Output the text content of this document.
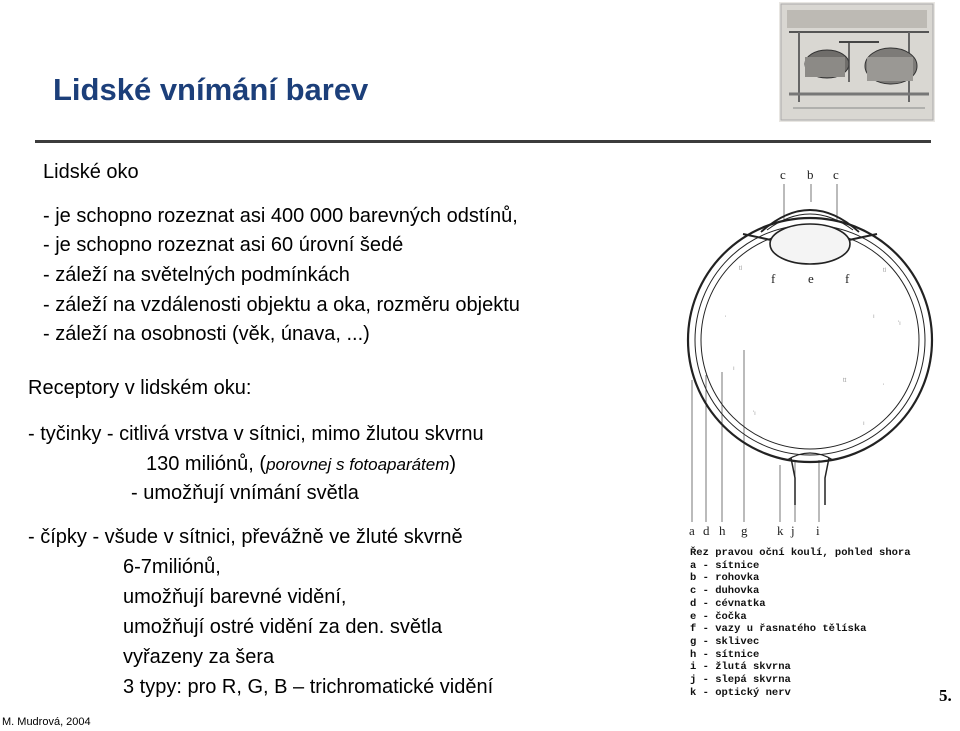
Lidské vnímání barev
Lidské oko
- je schopno rozeznat asi 400 000 barevných odstínů,
- je schopno rozeznat asi 60 úrovní šedé
- záleží na světelných podmínkách
- záleží na vzdálenosti objektu a oka, rozměru objektu
- záleží na osobnosti (věk, únava, ...)
Receptory v lidském oku:
- tyčinky - citlivá vrstva v sítnici, mimo žlutou skvrnu
130 miliónů, (porovnej s fotoaparátem)
- umožňují vnímání světla
- čípky - všude v sítnici, převážně ve žluté skvrně
6-7miliónů,
umožňují barevné vidění,
umožňují ostré vidění za den. světla
vyřazeny za šera
3 typy: pro R, G, B – trichromatické vidění
c b c
f	e f
a d h g k j i
tl	tl
'	ı
'ı
ı
tt
'
'ı
ı
Řez pravou oční koulí, pohled shora
a - sítnice
b - rohovka
c - duhovka
d - cévnatka
e - čočka
f - vazy u řasnatého tělíska
g - sklivec
h - sítnice
i - žlutá skvrna
j - slepá skvrna
k - optický nerv
M. Mudrová, 2004
5.
